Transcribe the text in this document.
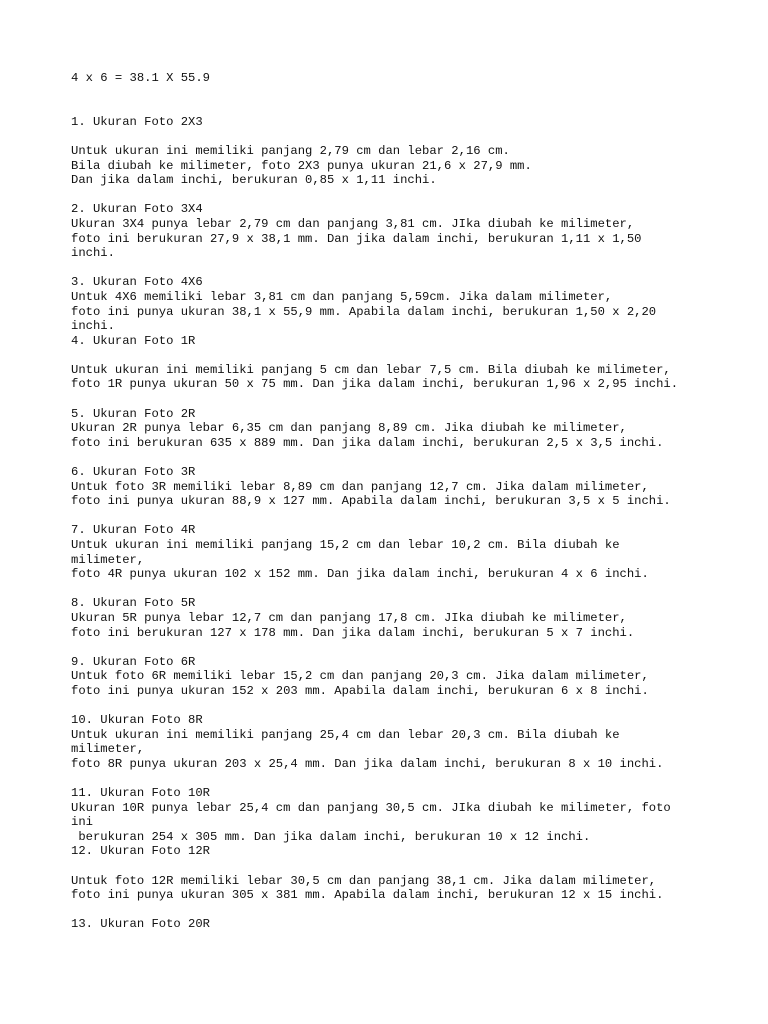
4 x 6 = 38.1 X 55.9
1. Ukuran Foto 2X3
Untuk ukuran ini memiliki panjang 2,79 cm dan lebar 2,16 cm.
Bila diubah ke milimeter, foto 2X3 punya ukuran 21,6 x 27,9 mm.
Dan jika dalam inchi, berukuran 0,85 x 1,11 inchi.
2. Ukuran Foto 3X4
Ukuran 3X4 punya lebar 2,79 cm dan panjang 3,81 cm. JIka diubah ke milimeter,
foto ini berukuran 27,9 x 38,1 mm. Dan jika dalam inchi, berukuran 1,11 x 1,50
inchi.
3. Ukuran Foto 4X6
Untuk 4X6 memiliki lebar 3,81 cm dan panjang 5,59cm. Jika dalam milimeter,
foto ini punya ukuran 38,1 x 55,9 mm. Apabila dalam inchi, berukuran 1,50 x 2,20
inchi.
4. Ukuran Foto 1R
Untuk ukuran ini memiliki panjang 5 cm dan lebar 7,5 cm. Bila diubah ke milimeter,
foto 1R punya ukuran 50 x 75 mm. Dan jika dalam inchi, berukuran 1,96 x 2,95 inchi.
5. Ukuran Foto 2R
Ukuran 2R punya lebar 6,35 cm dan panjang 8,89 cm. Jika diubah ke milimeter,
foto ini berukuran 635 x 889 mm. Dan jika dalam inchi, berukuran 2,5 x 3,5 inchi.
6. Ukuran Foto 3R
Untuk foto 3R memiliki lebar 8,89 cm dan panjang 12,7 cm. Jika dalam milimeter,
foto ini punya ukuran 88,9 x 127 mm. Apabila dalam inchi, berukuran 3,5 x 5 inchi.
7. Ukuran Foto 4R
Untuk ukuran ini memiliki panjang 15,2 cm dan lebar 10,2 cm. Bila diubah ke
milimeter,
foto 4R punya ukuran 102 x 152 mm. Dan jika dalam inchi, berukuran 4 x 6 inchi.
8. Ukuran Foto 5R
Ukuran 5R punya lebar 12,7 cm dan panjang 17,8 cm. JIka diubah ke milimeter,
foto ini berukuran 127 x 178 mm. Dan jika dalam inchi, berukuran 5 x 7 inchi.
9. Ukuran Foto 6R
Untuk foto 6R memiliki lebar 15,2 cm dan panjang 20,3 cm. Jika dalam milimeter,
foto ini punya ukuran 152 x 203 mm. Apabila dalam inchi, berukuran 6 x 8 inchi.
10. Ukuran Foto 8R
Untuk ukuran ini memiliki panjang 25,4 cm dan lebar 20,3 cm. Bila diubah ke
milimeter,
foto 8R punya ukuran 203 x 25,4 mm. Dan jika dalam inchi, berukuran 8 x 10 inchi.
11. Ukuran Foto 10R
Ukuran 10R punya lebar 25,4 cm dan panjang 30,5 cm. JIka diubah ke milimeter, foto
ini
berukuran 254 x 305 mm. Dan jika dalam inchi, berukuran 10 x 12 inchi.
12. Ukuran Foto 12R
Untuk foto 12R memiliki lebar 30,5 cm dan panjang 38,1 cm. Jika dalam milimeter,
foto ini punya ukuran 305 x 381 mm. Apabila dalam inchi, berukuran 12 x 15 inchi.
13. Ukuran Foto 20R
